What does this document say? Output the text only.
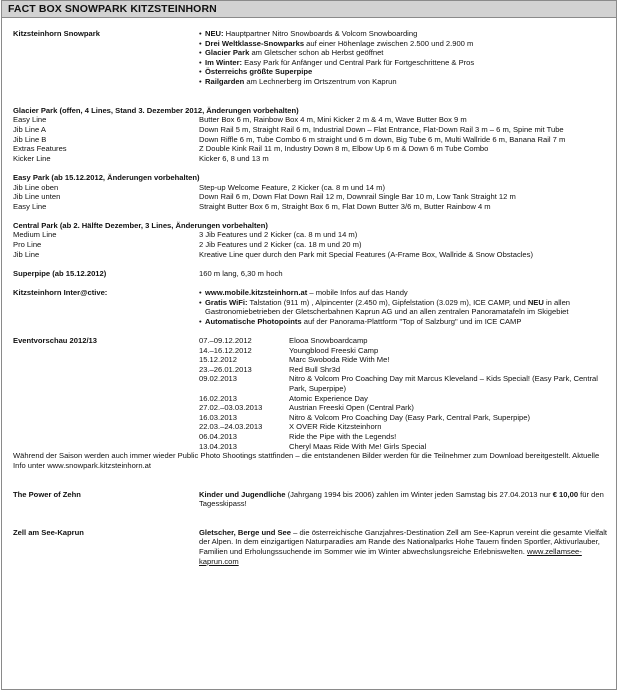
FACT BOX SNOWPARK KITZSTEINHORN
Kitzsteinhorn Snowpark	• NEU: Hauptpartner Nitro Snowboards & Volcom Snowboarding
• Drei Weltklasse-Snowparks auf einer Höhenlage zwischen 2.500 und 2.900 m
• Glacier Park am Gletscher schon ab Herbst geöffnet
• Im Winter: Easy Park für Anfänger und Central Park für Fortgeschrittene & Pros
• Österreichs größte Superpipe
• Railgarden am Lechnerberg im Ortszentrum von Kaprun
Glacier Park (offen, 4 Lines, Stand 3. Dezember 2012, Änderungen vorbehalten)
Easy Line	Butter Box 6 m, Rainbow Box 4 m, Mini Kicker 2 m & 4 m, Wave Butter Box 9 m
Jib Line A	Down Rail 5 m, Straight Rail 6 m, Industrial Down – Flat Entrance, Flat-Down Rail 3 m – 6 m, Spine mit Tube
Jib Line B	Down Riffle 6 m, Tube Combo 6 m straight und 6 m down, Big Tube 6 m, Multi Wallride 6 m, Banana Rail 7 m
Extras Features	Z Double Kink Rail 11 m, Industry Down 8 m, Elbow Up 6 m & Down 6 m Tube Combo
Kicker Line	Kicker 6, 8 und 13 m
Easy Park (ab 15.12.2012, Änderungen vorbehalten)
Jib Line oben	Step-up Welcome Feature, 2 Kicker (ca. 8 m und 14 m)
Jib Line unten	Down Rail 6 m, Down Flat Down Rail 12 m, Downrail Single Bar 10 m, Low Tank Straight 12 m
Easy Line	Straight Butter Box 6 m, Straight Box 6 m, Flat Down Butter 3/6 m, Butter Rainbow 4 m
Central Park (ab 2. Hälfte Dezember, 3 Lines, Änderungen vorbehalten)
Medium Line	3 Jib Features und 2 Kicker (ca. 8 m und 14 m)
Pro Line	2 Jib Features und 2 Kicker (ca. 18 m und 20 m)
Jib Line	Kreative Line quer durch den Park mit Special Features (A-Frame Box, Wallride & Snow Obstacles)
Superpipe (ab 15.12.2012)	160 m lang, 6,30 m hoch
Kitzsteinhorn Inter@ctive:	• www.mobile.kitzsteinhorn.at – mobile Infos auf das Handy
• Gratis WiFi: Talstation (911 m) , Alpincenter (2.450 m), Gipfelstation (3.029 m), ICE CAMP, und NEU in allen Gastronomiebetrieben der Gletscherbahnen Kaprun AG und an allen zentralen Panoramatafeln im Skigebiet
• Automatische Photopoints auf der Panorama-Plattform "Top of Salzburg" und im ICE CAMP
Eventvorschau 2012/13	07.–09.12.2012	Elooa Snowboardcamp
14.–16.12.2012	Youngblood Freeski Camp
15.12.2012	Marc Swoboda Ride With Me!
23.–26.01.2013	Red Bull Shr3d
09.02.2013	Nitro & Volcom Pro Coaching Day mit Marcus Kleveland – Kids Special! (Easy Park, Central Park, Superpipe)
16.02.2013	Atomic Experience Day
27.02.–03.03.2013	Austrian Freeski Open (Central Park)
16.03.2013	Nitro & Volcom Pro Coaching Day (Easy Park, Central Park, Superpipe)
22.03.–24.03.2013	X OVER Ride Kitzsteinhorn
06.04.2013	Ride the Pipe with the Legends!
13.04.2013	Cheryl Maas Ride With Me! Girls Special
Während der Saison werden auch immer wieder Public Photo Shootings stattfinden – die entstandenen Bilder werden für die Teilnehmer zum Download bereitgestellt. Aktuelle Info unter www.snowpark.kitzsteinhorn.at
The Power of Zehn	Kinder und Jugendliche (Jahrgang 1994 bis 2006) zahlen im Winter jeden Samstag bis 27.04.2013 nur € 10,00 für den Tagesskipass!
Zell am See-Kaprun	Gletscher, Berge und See – die österreichische Ganzjahres-Destination Zell am See-Kaprun vereint die gesamte Vielfalt der Alpen. In dem einzigartigen Naturparadies am Rande des Nationalparks Hohe Tauern finden Sportler, Aktivurlauber, Familien und Erholungssuchende im Sommer wie im Winter abwechslungsreiche Erlebniswelten. www.zellamsee-kaprun.com
